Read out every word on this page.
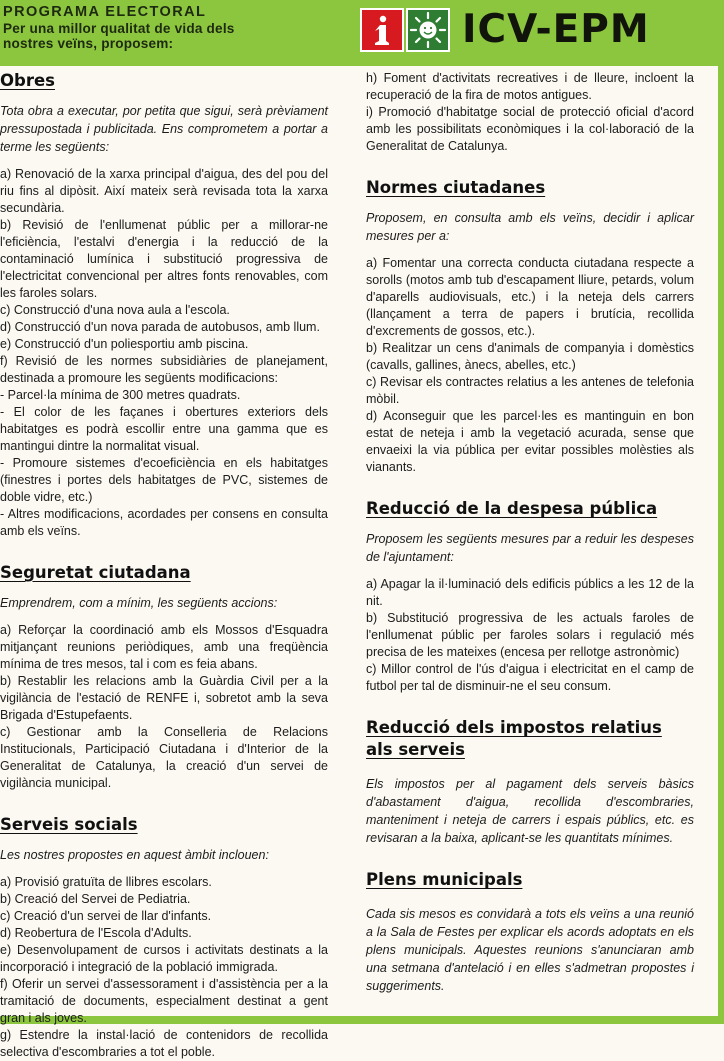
PROGRAMA ELECTORAL
Per una millor qualitat de vida dels
nostres veïns, proposem:	ICV-EPM
Obres

Tota obra a executar, por petita que sigui, serà prèviament pressupostada i publicitada. Ens comprometem a portar a terme les següents:

a) Renovació de la xarxa principal d'aigua, des del pou del riu fins al dipòsit. Així mateix serà revisada tota la xarxa secundària.

b) Revisió de l'enllumenat públic per a millorar-ne l'eficiència, l'estalvi d'energia i la reducció de la contaminació lumínica i substitució progressiva de l'electricitat convencional per altres fonts renovables, com les faroles solars.

c) Construcció d'una nova aula a l'escola.

d) Construcció d'un nova parada de autobusos, amb llum.

e) Construcció d'un poliesportiu amb piscina.

f) Revisió de les normes subsidiàries de planejament, destinada a promoure les següents modificacions:

- Parcel·la mínima de 300 metres quadrats.

- El color de les façanes i obertures exteriors dels habitatges es podrà escollir entre una gamma que es mantingui dintre la normalitat visual.

- Promoure sistemes d'ecoeficiència en els habitatges (finestres i portes dels habitatges de PVC, sistemes de doble vidre, etc.)

- Altres modificacions, acordades per consens en consulta amb els veïns.

Seguretat ciutadana

Emprendrem, com a mínim, les següents accions:

a) Reforçar la coordinació amb els Mossos d'Esquadra mitjançant reunions periòdiques, amb una freqüència mínima de tres mesos, tal i com es feia abans.

b) Restablir les relacions amb la Guàrdia Civil per a la vigilància de l'estació de RENFE i, sobretot amb la seva Brigada d'Estupefaents.

c) Gestionar amb la Conselleria de Relacions Institucionals, Participació Ciutadana i d'Interior de la Generalitat de Catalunya, la creació d'un servei de vigilància municipal.

Serveis socials

Les nostres propostes en aquest àmbit inclouen:

a) Provisió gratuïta de llibres escolars.

b) Creació del Servei de Pediatria.

c) Creació d'un servei de llar d'infants.

d) Reobertura de l'Escola d'Adults.

e) Desenvolupament de cursos i activitats destinats a la incorporació i integració de la població immigrada.

f) Oferir un servei d'assessorament i d'assistència per a la tramitació de documents, especialment destinat a gent gran i als joves.

g) Estendre la instal·lació de contenidors de recollida selectiva d'escombraries a tot el poble.

h) Foment d'activitats recreatives i de lleure, incloent la recuperació de la fira de motos antigues.

i) Promoció d'habitatge social de protecció oficial d'acord amb les possibilitats econòmiques i la col·laboració de la Generalitat de Catalunya.

Normes ciutadanes

Proposem, en consulta amb els veïns, decidir i aplicar mesures per a:

a) Fomentar una correcta conducta ciutadana respecte a sorolls (motos amb tub d'escapament lliure, petards, volum d'aparells audiovisuals, etc.) i la neteja dels carrers (llançament a terra de papers i brutícia, recollida d'excrements de gossos, etc.).

b) Realitzar un cens d'animals de companyia i domèstics (cavalls, gallines, ànecs, abelles, etc.)

c) Revisar els contractes relatius a les antenes de telefonia mòbil.

d) Aconseguir que les parcel·les es mantinguin en bon estat de neteja i amb la vegetació acurada, sense que envaeixi la via pública per evitar possibles molèsties als vianants.

Reducció de la despesa pública

Proposem les següents mesures par a reduir les despeses de l'ajuntament:

a) Apagar la il·luminació dels edificis públics a les 12 de la nit.

b) Substitució progressiva de les actuals faroles de l'enllumenat públic per faroles solars i regulació més precisa de les mateixes (encesa per rellotge astronòmic)

c) Millor control de l'ús d'aigua i electricitat en el camp de futbol per tal de disminuir-ne el seu consum.

Reducció dels impostos relatius als serveis

Els impostos per al pagament dels serveis bàsics d'abastament d'aigua, recollida d'escombraries, manteniment i neteja de carrers i espais públics, etc. es revisaran a la baixa, aplicant-se les quantitats mínimes.

Plens municipals

Cada sis mesos es convidarà a tots els veïns a una reunió a la Sala de Festes per explicar els acords adoptats en els plens municipals. Aquestes reunions s'anunciaran amb una setmana d'antelació i en elles s'admetran propostes i suggeriments.
